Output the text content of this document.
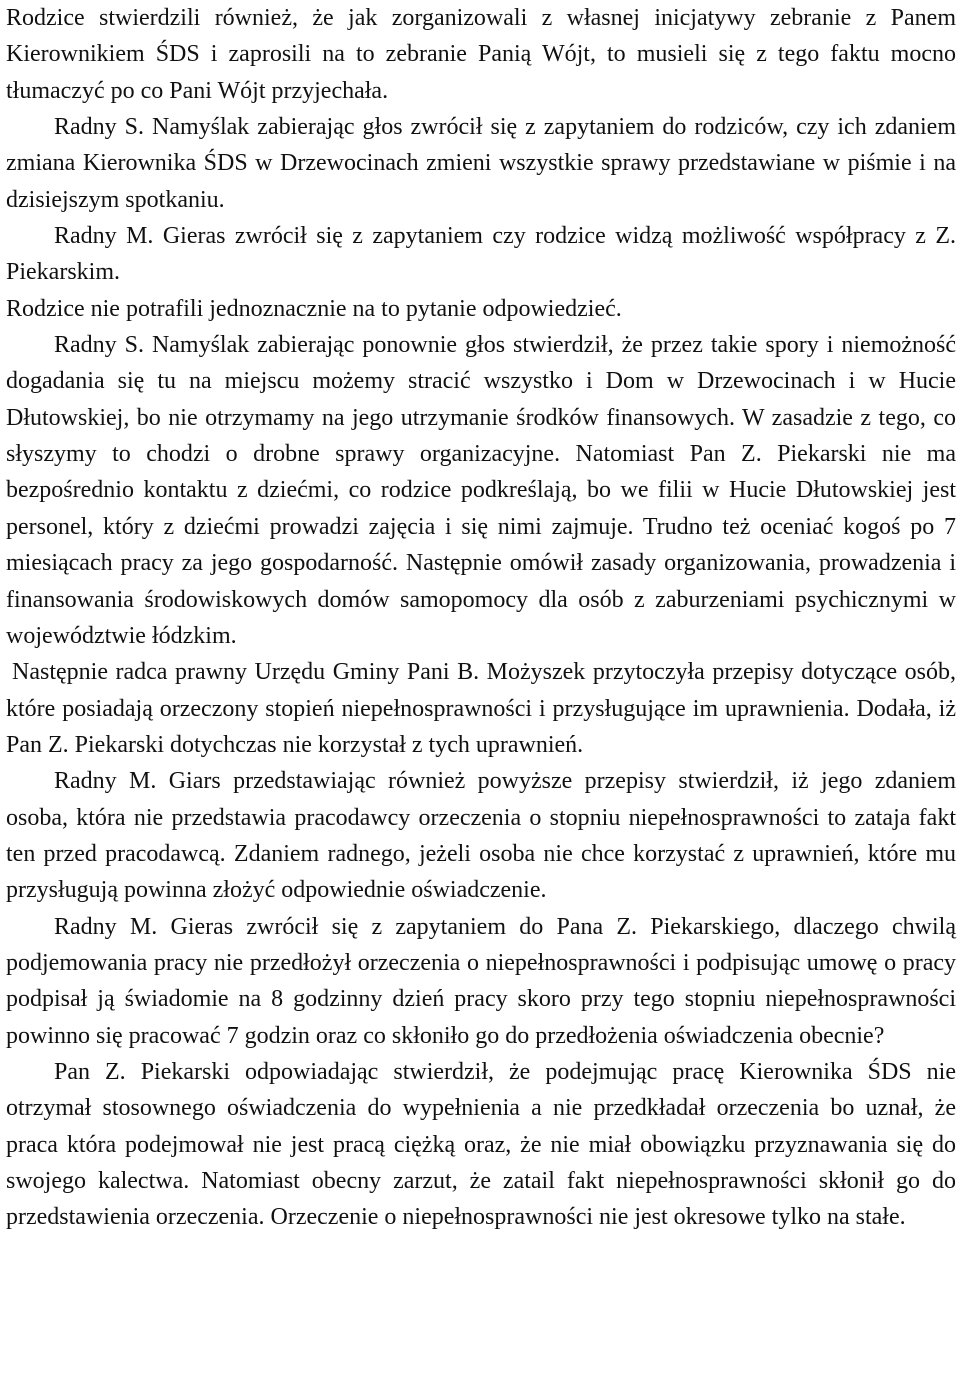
Rodzice stwierdzili również, że jak zorganizowali z własnej inicjatywy zebranie z Panem Kierownikiem ŚDS i zaprosili na to zebranie Panią Wójt, to musieli się z tego faktu mocno tłumaczyć po co Pani Wójt przyjechała.

Radny S. Namyślak zabierając głos zwrócił się z zapytaniem do rodziców, czy ich zdaniem zmiana Kierownika ŚDS w Drzewocinach zmieni wszystkie sprawy przedstawiane w piśmie i na dzisiejszym spotkaniu.

Radny M. Gieras zwrócił się z zapytaniem czy rodzice widzą możliwość współpracy z Z. Piekarskim.

Rodzice nie potrafili jednoznacznie na to pytanie odpowiedzieć.

Radny S. Namyślak zabierając ponownie głos stwierdził, że przez takie spory i niemożność dogadania się tu na miejscu możemy stracić wszystko i Dom w Drzewocinach i w Hucie Dłutowskiej, bo nie otrzymamy na jego utrzymanie środków finansowych. W zasadzie z tego, co słyszymy to chodzi o drobne sprawy organizacyjne. Natomiast Pan Z. Piekarski nie ma bezpośrednio kontaktu z dziećmi, co rodzice podkreślają, bo we filii w Hucie Dłutowskiej jest personel, który z dziećmi prowadzi zajęcia i się nimi zajmuje. Trudno też oceniać kogoś po 7 miesiącach pracy za jego gospodarność. Następnie omówił zasady organizowania, prowadzenia i finansowania środowiskowych domów samopomocy dla osób z zaburzeniami psychicznymi w województwie łódzkim.

Następnie radca prawny Urzędu Gminy Pani B. Możyszek przytoczyła przepisy dotyczące osób, które posiadają orzeczony stopień niepełnosprawności i przysługujące im uprawnienia. Dodała, iż Pan Z. Piekarski dotychczas nie korzystał z tych uprawnień.

Radny M. Giars przedstawiając również powyższe przepisy stwierdził, iż jego zdaniem osoba, która nie przedstawia pracodawcy orzeczenia o stopniu niepełnosprawności to zataja fakt ten przed pracodawcą. Zdaniem radnego, jeżeli osoba nie chce korzystać z uprawnień, które mu przysługują powinna złożyć odpowiednie oświadczenie.

Radny M. Gieras zwrócił się z zapytaniem do Pana Z. Piekarskiego, dlaczego chwilą podjemowania pracy nie przedłożył orzeczenia o niepełnosprawności i podpisując umowę o pracy podpisał ją świadomie na 8 godzinny dzień pracy skoro przy tego stopniu niepełnosprawności powinno się pracować 7 godzin oraz co skłoniło go do przedłożenia oświadczenia obecnie?

Pan Z. Piekarski odpowiadając stwierdził, że podejmując pracę Kierownika ŚDS nie otrzymał stosownego oświadczenia do wypełnienia a nie przedkładał orzeczenia bo uznał, że praca która podejmował nie jest pracą ciężką oraz, że nie miał obowiązku przyznawania się do swojego kalectwa. Natomiast obecny zarzut, że zatail fakt niepełnosprawności skłonił go do przedstawienia orzeczenia. Orzeczenie o niepełnosprawności nie jest okresowe tylko na stałe.
